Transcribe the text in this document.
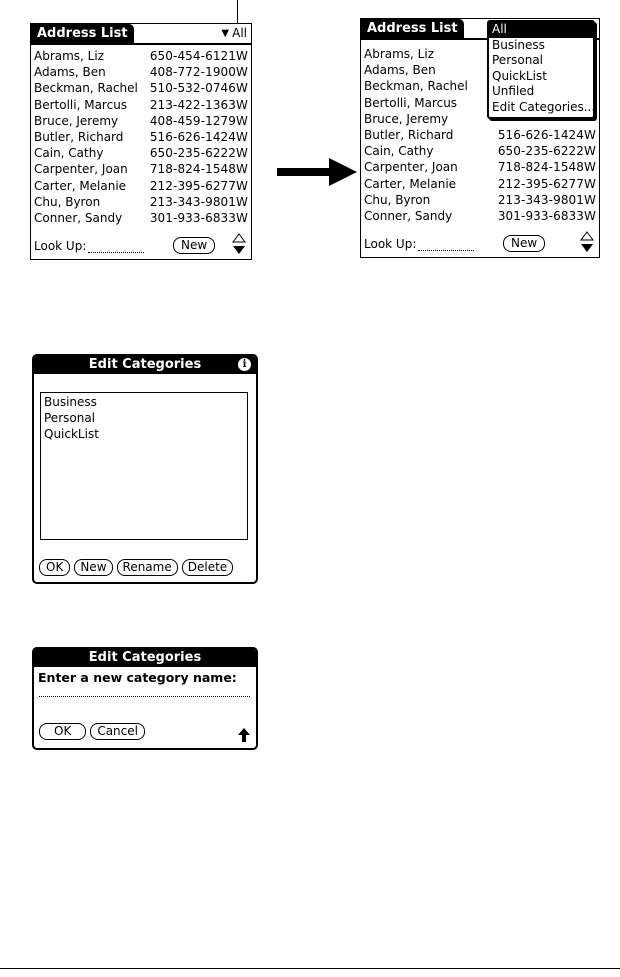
Address List	▼ All
Abrams, Liz	650-454-6121W
Adams, Ben	408-772-1900W
Beckman, Rachel 510-532-0746W
Bertolli, Marcus 213-422-1363W
Bruce, Jeremy	408-459-1279W
Butler, Richard 516-626-1424W
Cain, Cathy	650-235-6222W
Carpenter, Joan 718-824-1548W
Carter, Melanie 212-395-6277W
Chu, Byron	213-343-9801W
Conner, Sandy 301-933-6833W
Look Up:	New
Address List
Abrams, Liz
Adams, Ben
Beckman, Rachel
Bertolli, Marcus
Bruce, Jeremy
Butler, Richard	516-626-1424W
Cain, Cathy	650-235-6222W
Carpenter, Joan	718-824-1548W
Carter, Melanie	212-395-6277W
Chu, Byron	213-343-9801W
Conner, Sandy	301-933-6833W
All
Business
Personal
QuickList
Unfiled
Edit Categories...
Look Up:	New
Edit Categories	i
Business
Personal
QuickList
OK	New	Rename	Delete
Edit Categories
Enter a new category name:
OK	Cancel
